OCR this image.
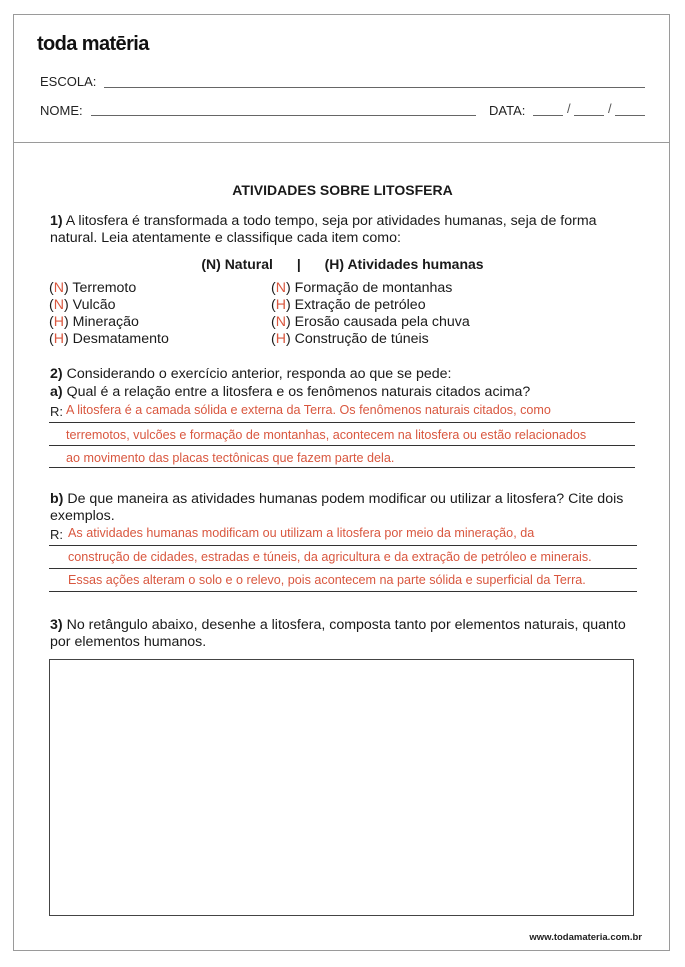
toda matēria
ESCOLA:
NOME:	DATA:	/	/
ATIVIDADES SOBRE LITOSFERA
1) A litosfera é transformada a todo tempo, seja por atividades humanas, seja de forma natural. Leia atentamente e classifique cada item como:
(N) Natural | (H) Atividades humanas
(N) Terremoto
(N) Vulcão
(H) Mineração
(H) Desmatamento
(N) Formação de montanhas
(H) Extração de petróleo
(N) Erosão causada pela chuva
(H) Construção de túneis
2) Considerando o exercício anterior, responda ao que se pede:
a) Qual é a relação entre a litosfera e os fenômenos naturais citados acima?
R: A litosfera é a camada sólida e externa da Terra. Os fenômenos naturais citados, como
terremotos, vulcões e formação de montanhas, acontecem na litosfera ou estão relacionados
ao movimento das placas tectônicas que fazem parte dela.
b) De que maneira as atividades humanas podem modificar ou utilizar a litosfera? Cite dois exemplos.
R: As atividades humanas modificam ou utilizam a litosfera por meio da mineração, da
construção de cidades, estradas e túneis, da agricultura e da extração de petróleo e minerais.
Essas ações alteram o solo e o relevo, pois acontecem na parte sólida e superficial da Terra.
3) No retângulo abaixo, desenhe a litosfera, composta tanto por elementos naturais, quanto por elementos humanos.
www.todamateria.com.br
